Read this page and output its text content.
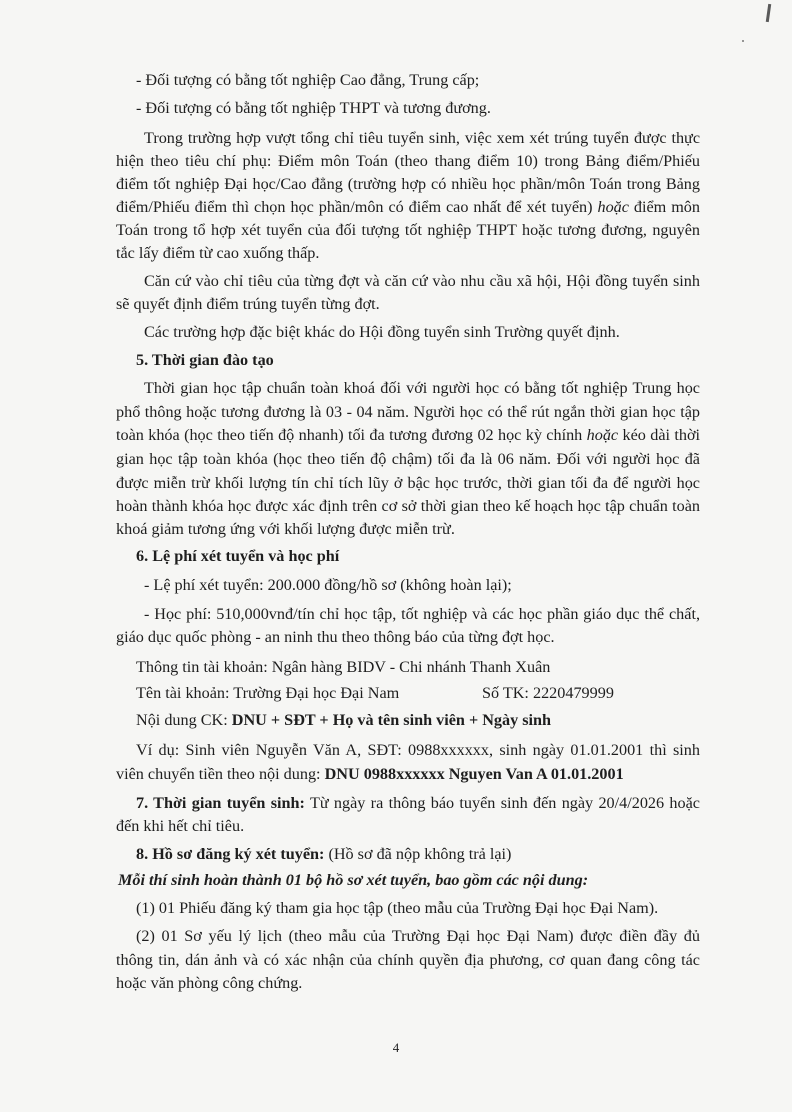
- Đối tượng có bằng tốt nghiệp Cao đẳng, Trung cấp;
- Đối tượng có bằng tốt nghiệp THPT và tương đương.
Trong trường hợp vượt tổng chỉ tiêu tuyển sinh, việc xem xét trúng tuyển được thực
hiện theo tiêu chí phụ: Điểm môn Toán (theo thang điểm 10) trong Bảng điểm/Phiếu
điểm tốt nghiệp Đại học/Cao đẳng (trường hợp có nhiều học phần/môn Toán trong Bảng
điểm/Phiếu điểm thì chọn học phần/môn có điểm cao nhất để xét tuyển) hoặc điểm môn
Toán trong tổ hợp xét tuyển của đối tượng tốt nghiệp THPT hoặc tương đương, nguyên
tắc lấy điểm từ cao xuống thấp.
Căn cứ vào chỉ tiêu của từng đợt và căn cứ vào nhu cầu xã hội, Hội đồng tuyển sinh
sẽ quyết định điểm trúng tuyển từng đợt.
Các trường hợp đặc biệt khác do Hội đồng tuyển sinh Trường quyết định.
5. Thời gian đào tạo
Thời gian học tập chuẩn toàn khoá đối với người học có bằng tốt nghiệp Trung học
phổ thông hoặc tương đương là 03 - 04 năm. Người học có thể rút ngắn thời gian học tập
toàn khóa (học theo tiến độ nhanh) tối đa tương đương 02 học kỳ chính hoặc kéo dài thời
gian học tập toàn khóa (học theo tiến độ chậm) tối đa là 06 năm. Đối với người học đã
được miễn trừ khối lượng tín chỉ tích lũy ở bậc học trước, thời gian tối đa để người học
hoàn thành khóa học được xác định trên cơ sở thời gian theo kế hoạch học tập chuẩn toàn
khoá giảm tương ứng với khối lượng được miễn trừ.
6. Lệ phí xét tuyển và học phí
- Lệ phí xét tuyển: 200.000 đồng/hồ sơ (không hoàn lại);
- Học phí: 510,000vnđ/tín chỉ học tập, tốt nghiệp và các học phần giáo dục thể chất,
giáo dục quốc phòng - an ninh thu theo thông báo của từng đợt học.
Thông tin tài khoản: Ngân hàng BIDV - Chi nhánh Thanh Xuân
Tên tài khoản: Trường Đại học Đại Nam	Số TK: 2220479999
Nội dung CK: DNU + SĐT + Họ và tên sinh viên + Ngày sinh
Ví dụ: Sinh viên Nguyễn Văn A, SĐT: 0988xxxxxx, sinh ngày 01.01.2001 thì sinh
viên chuyển tiền theo nội dung: DNU 0988xxxxxx Nguyen Van A 01.01.2001
7. Thời gian tuyển sinh: Từ ngày ra thông báo tuyển sinh đến ngày 20/4/2026 hoặc
đến khi hết chỉ tiêu.
8. Hồ sơ đăng ký xét tuyển: (Hồ sơ đã nộp không trả lại)
Mỗi thí sinh hoàn thành 01 bộ hồ sơ xét tuyển, bao gồm các nội dung:
(1) 01 Phiếu đăng ký tham gia học tập (theo mẫu của Trường Đại học Đại Nam).
(2) 01 Sơ yếu lý lịch (theo mẫu của Trường Đại học Đại Nam) được điền đầy đủ
thông tin, dán ảnh và có xác nhận của chính quyền địa phương, cơ quan đang công tác
hoặc văn phòng công chứng.
4
